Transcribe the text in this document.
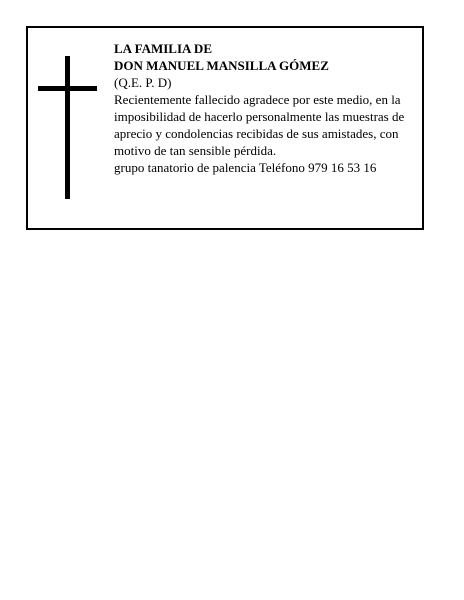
LA FAMILIA DE
DON MANUEL MANSILLA GÓMEZ
(Q.E. P. D)
Recientemente fallecido agradece por este medio, en la imposibilidad de hacerlo personalmente las muestras de aprecio y condolencias recibidas de sus amistades, con motivo de tan sensible pérdida.
grupo tanatorio de palencia Teléfono 979 16 53 16
